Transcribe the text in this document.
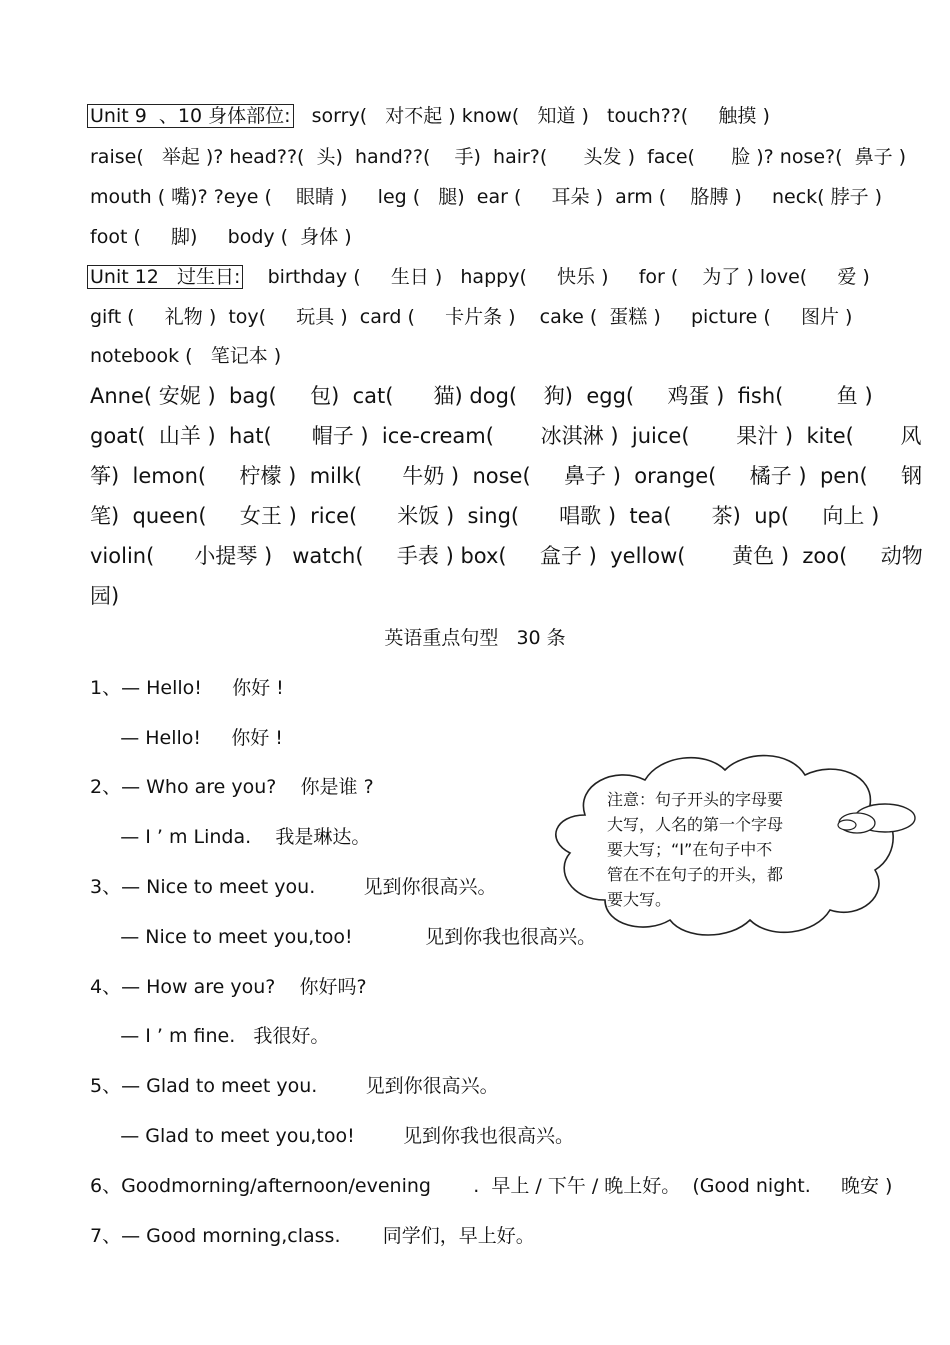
Unit 9  、10 身体部位:   sorry(   对不起 ) know(   知道 )   touch??(     触摸 )
raise(   举起 )? head??(  头)  hand??(    手)  hair?(      头发 )  face(      脸 )? nose?(  鼻子 )
mouth ( 嘴)? ?eye (    眼睛 )     leg (   腿)  ear (     耳朵 )  arm (    胳膊 )     neck( 脖子 )
foot (     脚)     body (  身体 )
Unit 12   过生日:    birthday (     生日 )   happy(     快乐 )     for (    为了 ) love(     爱 )
gift (     礼物 )  toy(     玩具 )  card (     卡片条 )    cake (  蛋糕 )     picture (     图片 )
notebook (   笔记本 )
Anne( 安妮 )  bag(     包)  cat(      猫) dog(    狗)  egg(     鸡蛋 )  fish(        鱼 )
goat(  山羊 )  hat(      帽子 )  ice-cream(       冰淇淋 )  juice(       果汁 )  kite(       风
筝)  lemon(     柠檬 )  milk(      牛奶 )  nose(     鼻子 )  orange(     橘子 )  pen(     钢
笔)  queen(     女王 )  rice(      米饭 )  sing(      唱歌 )  tea(      茶)  up(     向上 )
violin(      小提琴 )   watch(     手表 ) box(     盒子 )  yellow(       黄色 )  zoo(     动物
园)
英语重点句型   30 条
1、— Hello!     你好 !
— Hello!     你好 !
2、— Who are you?    你是谁 ?
— I ’ m Linda.    我是琳达。
3、— Nice to meet you.        见到你很高兴。
— Nice to meet you,too!            见到你我也很高兴。
4、— How are you?    你好吗?
— I ’ m fine.   我很好。
5、— Glad to meet you.        见到你很高兴。
— Glad to meet you,too!        见到你我也很高兴。
6、Goodmorning/afternoon/evening       .  早上 / 下午 / 晚上好。  (Good night.     晚安 )
7、— Good morning,class.       同学们，早上好。
注意：句子开头的字母要
大写，人名的第一个字母
要大写；“I”在句子中不
管在不在句子的开头，都
要大写。
